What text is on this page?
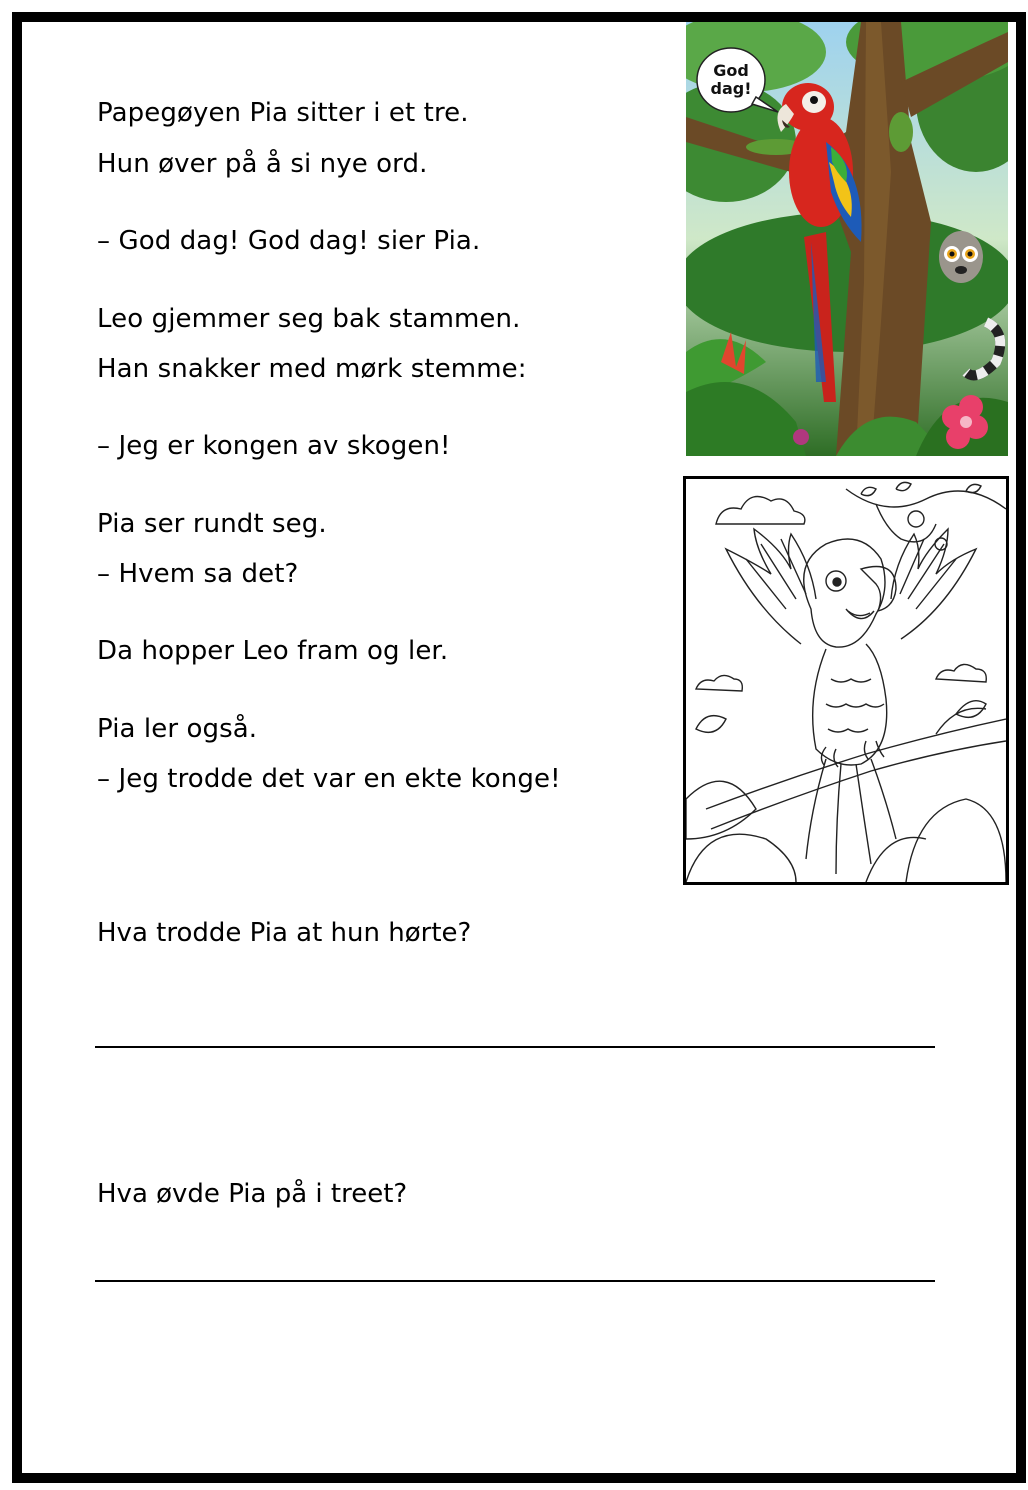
Papegøyen Pia sitter i et tre.
Hun øver på å si nye ord.
– God dag! God dag! sier Pia.
Leo gjemmer seg bak stammen.
Han snakker med mørk stemme:
– Jeg er kongen av skogen!
Pia ser rundt seg.
– Hvem sa det?
Da hopper Leo fram og ler.
Pia ler også.
– Jeg trodde det var en ekte konge!
God
dag!
Hva trodde Pia at hun hørte?
Hva øvde Pia på i treet?
